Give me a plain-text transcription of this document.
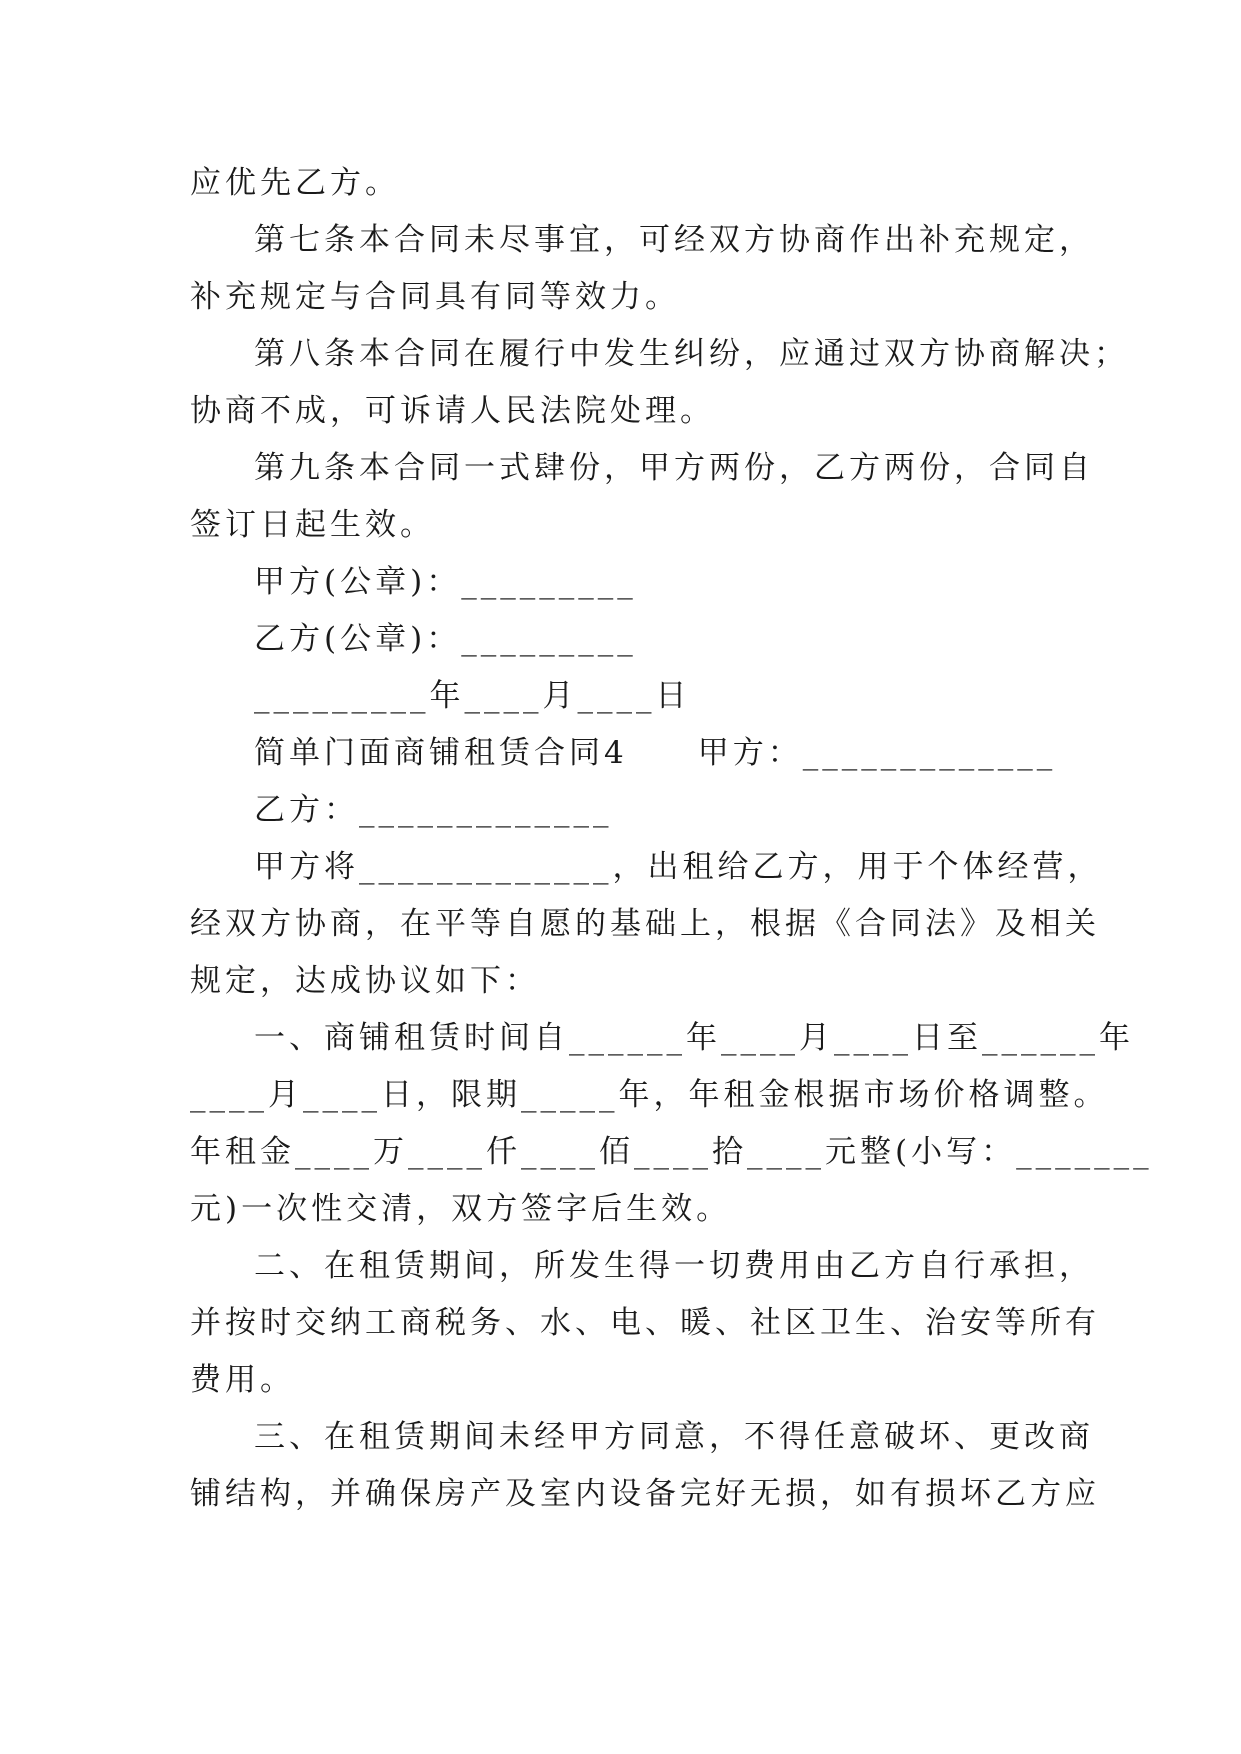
应优先乙方。
第七条本合同未尽事宜，可经双方协商作出补充规定，
补充规定与合同具有同等效力。
第八条本合同在履行中发生纠纷，应通过双方协商解决；
协商不成，可诉请人民法院处理。
第九条本合同一式肆份，甲方两份，乙方两份，合同自
签订日起生效。
甲方(公章)：_________
乙方(公章)：_________
_________年____月____日
简单门面商铺租赁合同4　　甲方：_____________
乙方：_____________
甲方将_____________，出租给乙方，用于个体经营，
经双方协商，在平等自愿的基础上，根据《合同法》及相关
规定，达成协议如下：
一、商铺租赁时间自______年____月____日至______年
____月____日，限期_____年，年租金根据市场价格调整。
年租金____万____仟____佰____拾____元整(小写：_______
元)一次性交清，双方签字后生效。
二、在租赁期间，所发生得一切费用由乙方自行承担，
并按时交纳工商税务、水、电、暖、社区卫生、治安等所有
费用。
三、在租赁期间未经甲方同意，不得任意破坏、更改商
铺结构，并确保房产及室内设备完好无损，如有损坏乙方应
